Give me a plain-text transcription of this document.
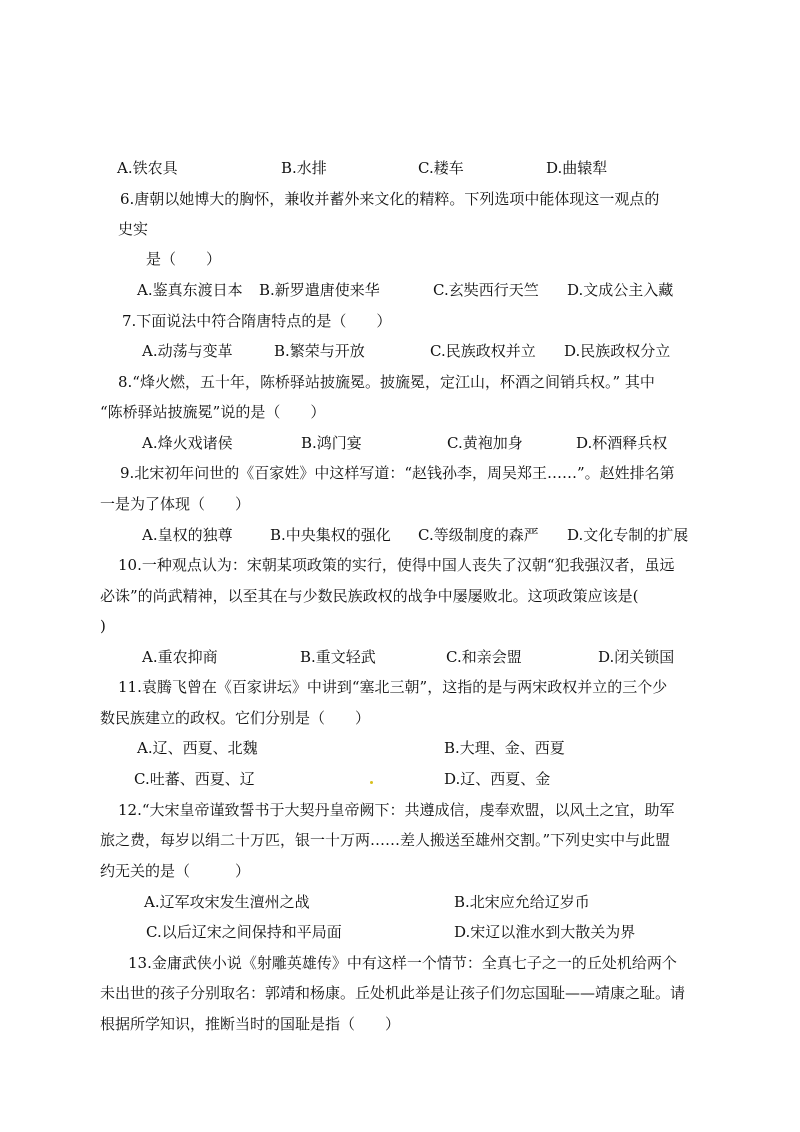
A.铁农具	B.水排	C.耧车	D.曲辕犁
6.唐朝以她博大的胸怀，兼收并蓄外来文化的精粹。下列选项中能体现这一观点的
史实
是（　　）
A.鉴真东渡日本 B.新罗遣唐使来华	C.玄奘西行天竺 D.文成公主入藏
7.下面说法中符合隋唐特点的是（　　）
A.动荡与变革	B.繁荣与开放	C.民族政权并立 D.民族政权分立
8.“烽火燃，五十年，陈桥驿站披旒冕。披旒冕，定江山，杯酒之间销兵权。” 其中
“陈桥驿站披旒冕”说的是（　　）
A.烽火戏诸侯	B.鸿门宴	C.黄袍加身	D.杯酒释兵权
9.北宋初年问世的《百家姓》中这样写道：“赵钱孙李，周吴郑王……”。赵姓排名第
一是为了体现（　　）
A.皇权的独尊 B.中央集权的强化 C.等级制度的森严 D.文化专制的扩展
10.一种观点认为：宋朝某项政策的实行，使得中国人丧失了汉朝“犯我强汉者，虽远
必诛”的尚武精神，以至其在与少数民族政权的战争中屡屡败北。这项政策应该是(
)
A.重农抑商	B.重文轻武	C.和亲会盟	D.闭关锁国
11.袁腾飞曾在《百家讲坛》中讲到“塞北三朝”，这指的是与两宋政权并立的三个少
数民族建立的政权。它们分别是（　　）
A.辽、西夏、北魏	B.大理、金、西夏
C.吐蕃、西夏、辽	D.辽、西夏、金
12.“大宋皇帝谨致誓书于大契丹皇帝阙下：共遵成信，虔奉欢盟，以风土之宜，助军
旅之费，每岁以绢二十万匹，银一十万两……差人搬送至雄州交割。”下列史实中与此盟
约无关的是（　　　）
A.辽军攻宋发生澶州之战	B.北宋应允给辽岁币
C.以后辽宋之间保持和平局面	D.宋辽以淮水到大散关为界
13.金庸武侠小说《射雕英雄传》中有这样一个情节：全真七子之一的丘处机给两个
未出世的孩子分别取名：郭靖和杨康。丘处机此举是让孩子们勿忘国耻——靖康之耻。请
根据所学知识，推断当时的国耻是指（　　）
